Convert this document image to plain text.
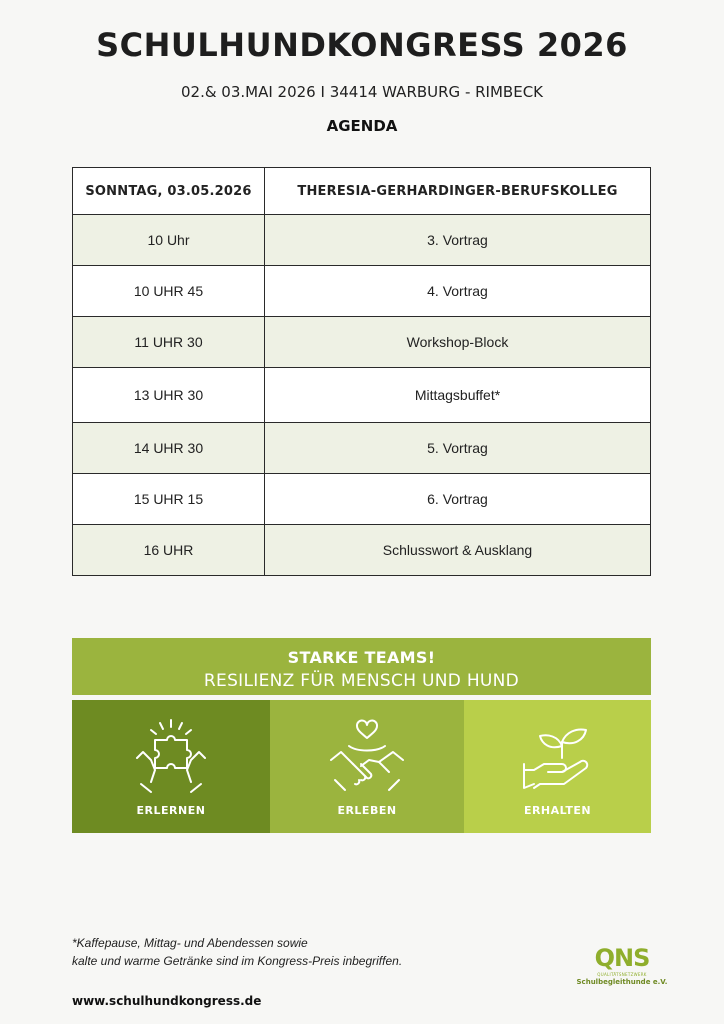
SCHULHUNDKONGRESS 2026
02.& 03.MAI 2026 I 34414 WARBURG - RIMBECK
AGENDA
SONNTAG, 03.05.2026	THERESIA-GERHARDINGER-BERUFSKOLLEG
10 Uhr	3. Vortrag
10 UHR 45	4. Vortrag
11 UHR 30	Workshop-Block
13 UHR 30	Mittagsbuffet*
14 UHR 30	5. Vortrag
15 UHR 15	6. Vortrag
16 UHR	Schlusswort & Ausklang
STARKE TEAMS!
RESILIENZ FÜR MENSCH UND HUND
ERLERNEN	ERLEBEN	ERHALTEN
*Kaffepause, Mittag- und Abendessen sowie
kalte und warme Getränke sind im Kongress-Preis inbegriffen.
www.schulhundkongress.de
QNS
QUALITÄTSNETZWERK
Schulbegleithunde e.V.
